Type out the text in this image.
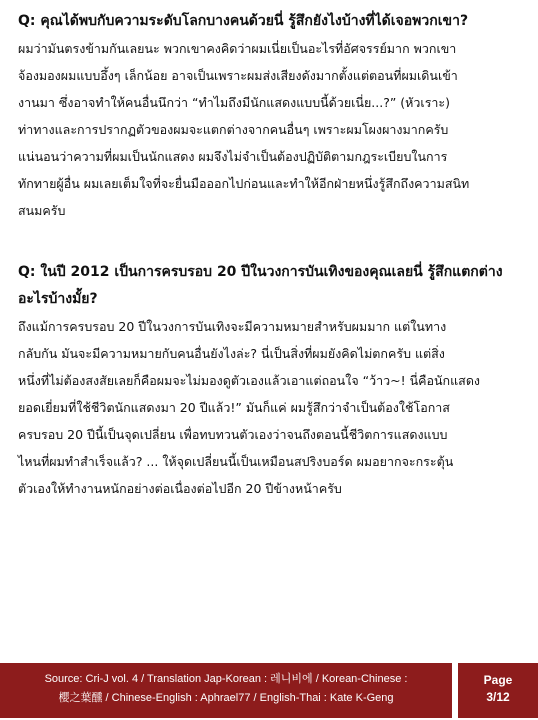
Q: คุณได้พบกับความระดับโลกบางคนด้วยนี่ รู้สึกยังไงบ้างที่ได้เจอพวกเขา?

ผมว่ามันตรงข้ามกันเลยนะ พวกเขาคงคิดว่าผมเนี่ยเป็นอะไรที่อัศจรรย์มาก พวกเขา

จ้องมองผมแบบอึ้งๆ เล็กน้อย อาจเป็นเพราะผมส่งเสียงดังมากตั้งแต่ตอนที่ผมเดินเข้า

งานมา ซึ่งอาจทำให้คนอื่นนึกว่า “ทำไมถึงมีนักแสดงแบบนี้ด้วยเนี่ย...?” (หัวเราะ)

ท่าทางและการปรากฏตัวของผมจะแตกต่างจากคนอื่นๆ เพราะผมโผงผางมากครับ

แน่นอนว่าความที่ผมเป็นนักแสดง ผมจึงไม่จำเป็นต้องปฏิบัติตามกฎระเบียบในการ

ทักทายผู้อื่น ผมเลยเต็มใจที่จะยื่นมือออกไปก่อนและทำให้อีกฝ่ายหนึ่งรู้สึกถึงความสนิท

สนมครับ

Q: ในปี 2012 เป็นการครบรอบ 20 ปีในวงการบันเทิงของคุณเลยนี่ รู้สึกแตกต่าง

อะไรบ้างมั้ย?

ถึงแม้การครบรอบ 20 ปีในวงการบันเทิงจะมีความหมายสำหรับผมมาก แต่ในทาง

กลับกัน มันจะมีความหมายกับคนอื่นยังไงล่ะ? นี่เป็นสิ่งที่ผมยังคิดไม่ตกครับ แต่สิ่ง

หนึ่งที่ไม่ต้องสงสัยเลยก็คือผมจะไม่มองดูตัวเองแล้วเอาแต่ถอนใจ “ว้าว~! นี่คือนักแสดง

ยอดเยี่ยมที่ใช้ชีวิตนักแสดงมา 20 ปีแล้ว!” มันก็แค่ ผมรู้สึกว่าจำเป็นต้องใช้โอกาส

ครบรอบ 20 ปีนี้เป็นจุดเปลี่ยน เพื่อทบทวนตัวเองว่าจนถึงตอนนี้ชีวิตการแสดงแบบ

ไหนที่ผมทำสำเร็จแล้ว? ... ให้จุดเปลี่ยนนี้เป็นเหมือนสปริงบอร์ด ผมอยากจะกระตุ้น

ตัวเองให้ทำงานหนักอย่างต่อเนื่องต่อไปอีก 20 ปีข้างหน้าครับ

Source: Cri-J vol. 4 / Translation Jap-Korean : 레니비에 / Korean-Chinese :
櫻之葉醺 / Chinese-English : Aphrael77 / English-Thai : Kate K-Geng
Page
3/12
